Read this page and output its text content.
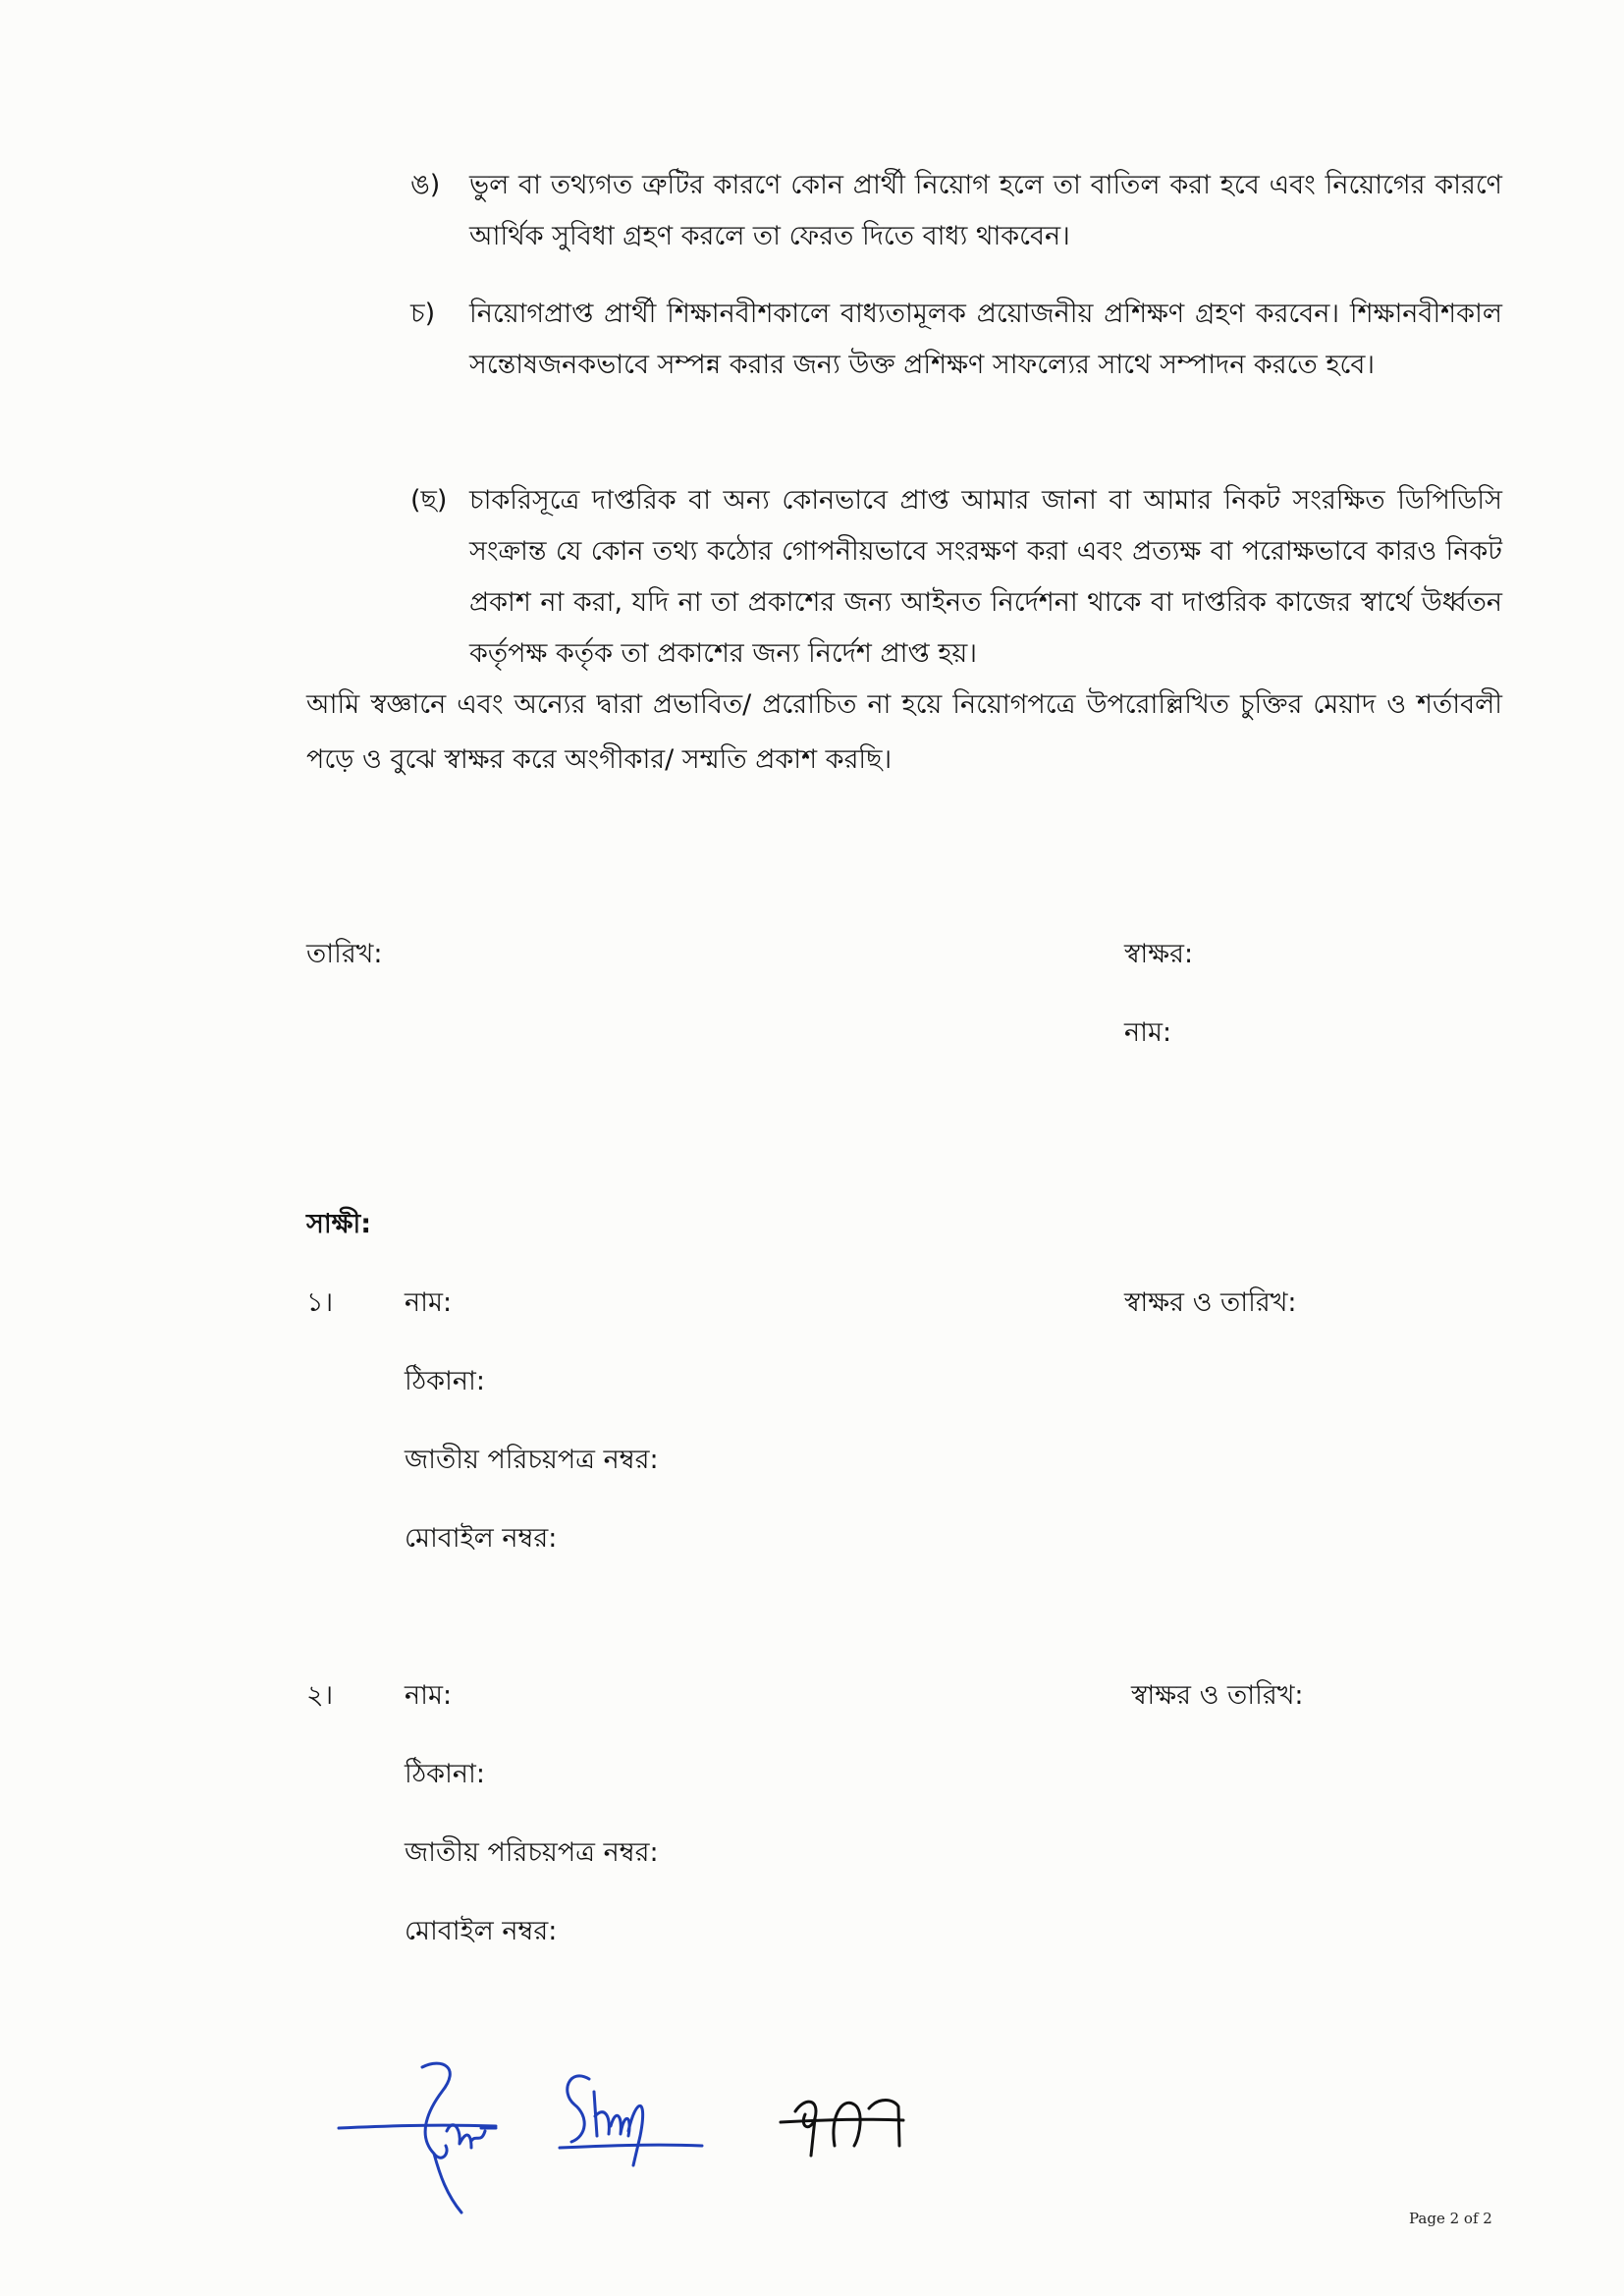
ঙ)	ভুল বা তথ্যগত ত্রুটির কারণে কোন প্রার্থী নিয়োগ হলে তা বাতিল করা হবে এবং নিয়োগের কারণে আর্থিক সুবিধা গ্রহণ করলে তা ফেরত দিতে বাধ্য থাকবেন।
চ)	নিয়োগপ্রাপ্ত প্রার্থী শিক্ষানবীশকালে বাধ্যতামূলক প্রয়োজনীয় প্রশিক্ষণ গ্রহণ করবেন। শিক্ষানবীশকাল সন্তোষজনকভাবে সম্পন্ন করার জন্য উক্ত প্রশিক্ষণ সাফল্যের সাথে সম্পাদন করতে হবে।
(ছ) চাকরিসূত্রে দাপ্তরিক বা অন্য কোনভাবে প্রাপ্ত আমার জানা বা আমার নিকট সংরক্ষিত ডিপিডিসি সংক্রান্ত যে কোন তথ্য কঠোর গোপনীয়ভাবে সংরক্ষণ করা এবং প্রত্যক্ষ বা পরোক্ষভাবে কারও নিকট প্রকাশ না করা, যদি না তা প্রকাশের জন্য আইনত নির্দেশনা থাকে বা দাপ্তরিক কাজের স্বার্থে উর্ধ্বতন কর্তৃপক্ষ কর্তৃক তা প্রকাশের জন্য নির্দেশ প্রাপ্ত হয়।
আমি স্বজ্ঞানে এবং অন্যের দ্বারা প্রভাবিত/ প্ররোচিত না হয়ে নিয়োগপত্রে উপরোল্লিখিত চুক্তির মেয়াদ ও শর্তাবলী পড়ে ও বুঝে স্বাক্ষর করে অংগীকার/ সম্মতি প্রকাশ করছি।
তারিখ:	স্বাক্ষর:
নাম:
সাক্ষী:
১।	নাম:	স্বাক্ষর ও তারিখ:
ঠিকানা:
জাতীয় পরিচয়পত্র নম্বর:
মোবাইল নম্বর:
২।	নাম:	স্বাক্ষর ও তারিখ:
ঠিকানা:
জাতীয় পরিচয়পত্র নম্বর:
মোবাইল নম্বর:
Page 2 of 2
